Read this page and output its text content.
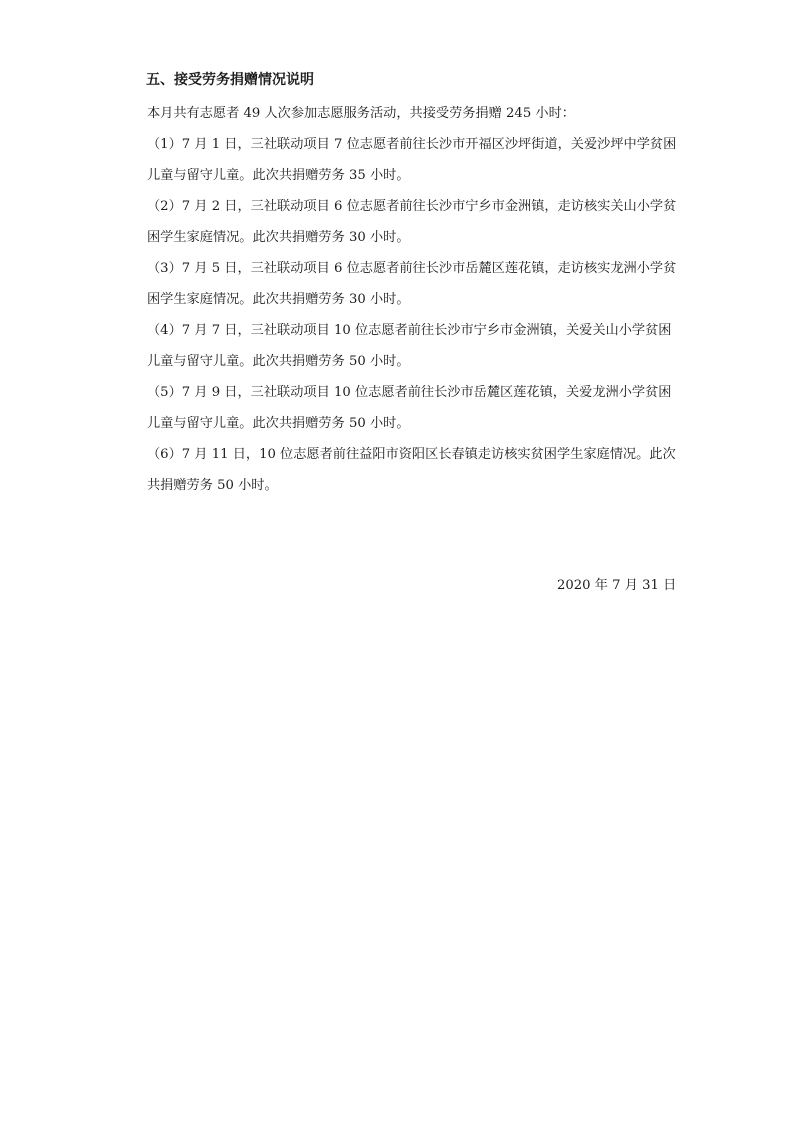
五、接受劳务捐赠情况说明

本月共有志愿者 49 人次参加志愿服务活动，共接受劳务捐赠 245 小时：

（1）7 月 1 日，三社联动项目 7 位志愿者前往长沙市开福区沙坪街道，关爱沙坪中学贫困儿童与留守儿童。此次共捐赠劳务 35 小时。
（2）7 月 2 日，三社联动项目 6 位志愿者前往长沙市宁乡市金洲镇，走访核实关山小学贫困学生家庭情况。此次共捐赠劳务 30 小时。
（3）7 月 5 日，三社联动项目 6 位志愿者前往长沙市岳麓区莲花镇，走访核实龙洲小学贫困学生家庭情况。此次共捐赠劳务 30 小时。
（4）7 月 7 日，三社联动项目 10 位志愿者前往长沙市宁乡市金洲镇，关爱关山小学贫困儿童与留守儿童。此次共捐赠劳务 50 小时。
（5）7 月 9 日，三社联动项目 10 位志愿者前往长沙市岳麓区莲花镇，关爱龙洲小学贫困儿童与留守儿童。此次共捐赠劳务 50 小时。
（6）7 月 11 日，10 位志愿者前往益阳市资阳区长春镇走访核实贫困学生家庭情况。此次共捐赠劳务 50 小时。
2020 年 7 月 31 日
